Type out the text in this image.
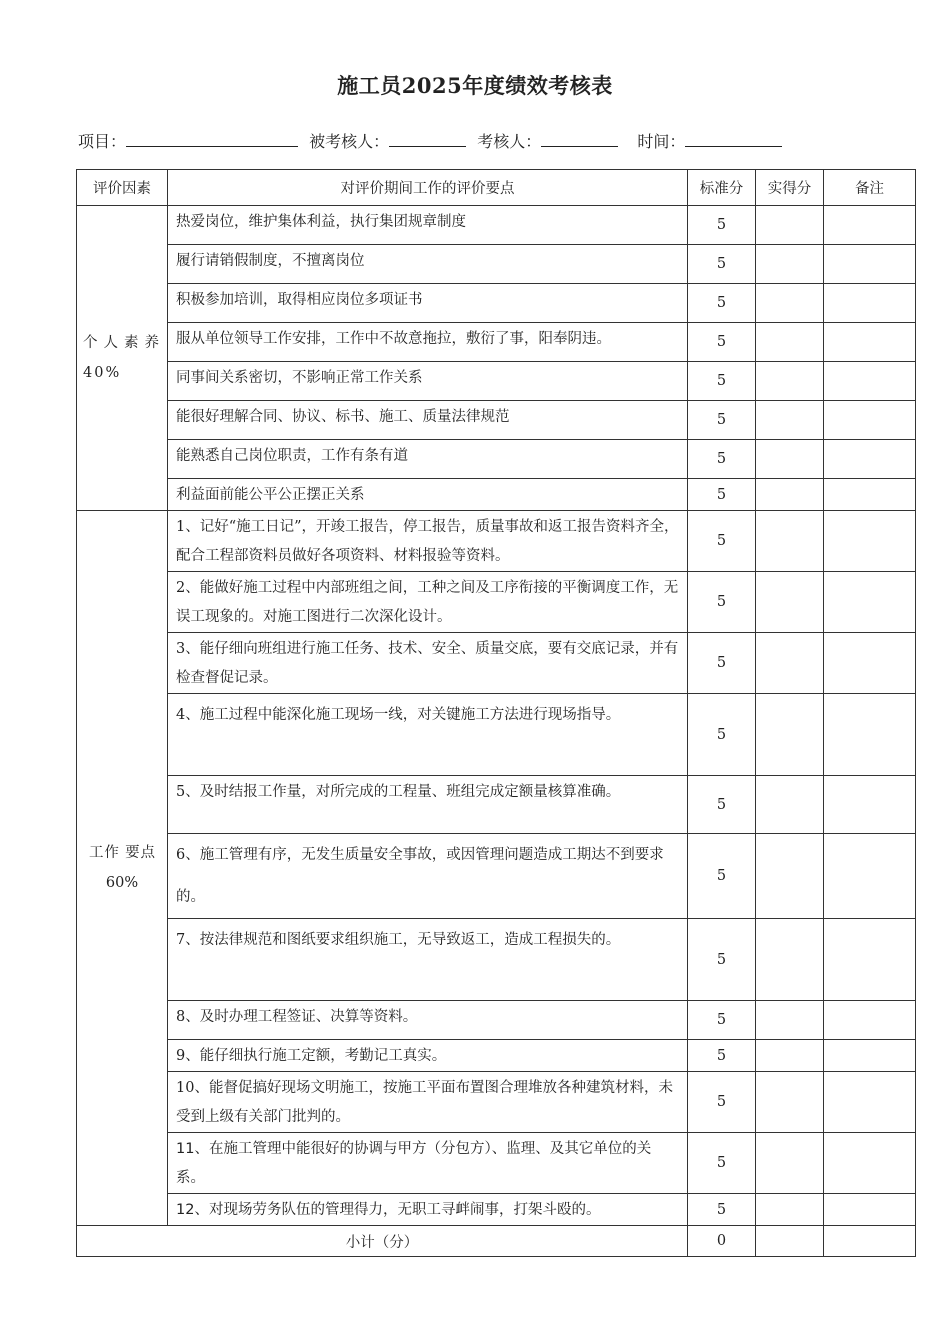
施工员2025年度绩效考核表
项目：	被考核人：	考核人：	时间：
评价因素	对评价期间工作的评价要点	标准分	实得分	备注

个人素养40%	热爱岗位，维护集体利益，执行集团规章制度	5		
	履行请销假制度，不擅离岗位	5		
	积极参加培训，取得相应岗位多项证书	5		
	服从单位领导工作安排，工作中不故意拖拉，敷衍了事，阳奉阴违。	5		
	同事间关系密切，不影响正常工作关系	5		
	能很好理解合同、协议、标书、施工、质量法律规范	5		
	能熟悉自己岗位职责，工作有条有道	5		
	利益面前能公平公正摆正关系	5		

工作 要点60%	1、记好“施工日记”，开竣工报告，停工报告，质量事故和返工报告资料齐全，配合工程部资料员做好各项资料、材料报验等资料。	5		
	2、能做好施工过程中内部班组之间，工种之间及工序衔接的平衡调度工作，无误工现象的。对施工图进行二次深化设计。	5		
	3、能仔细向班组进行施工任务、技术、安全、质量交底，要有交底记录，并有检查督促记录。	5		
	4、施工过程中能深化施工现场一线，对关键施工方法进行现场指导。	5		
	5、及时结报工作量，对所完成的工程量、班组完成定额量核算准确。	5		
	6、施工管理有序，无发生质量安全事故，或因管理问题造成工期达不到要求的。	5		
	7、按法律规范和图纸要求组织施工，无导致返工，造成工程损失的。	5		
	8、及时办理工程签证、决算等资料。	5		
	9、能仔细执行施工定额，考勤记工真实。	5		
	10、能督促搞好现场文明施工，按施工平面布置图合理堆放各种建筑材料，未受到上级有关部门批判的。	5		
	11、在施工管理中能很好的协调与甲方（分包方）、监理、及其它单位的关系。	5		
	12、对现场劳务队伍的管理得力，无职工寻衅闹事，打架斗殴的。	5		
小计（分）		0		
